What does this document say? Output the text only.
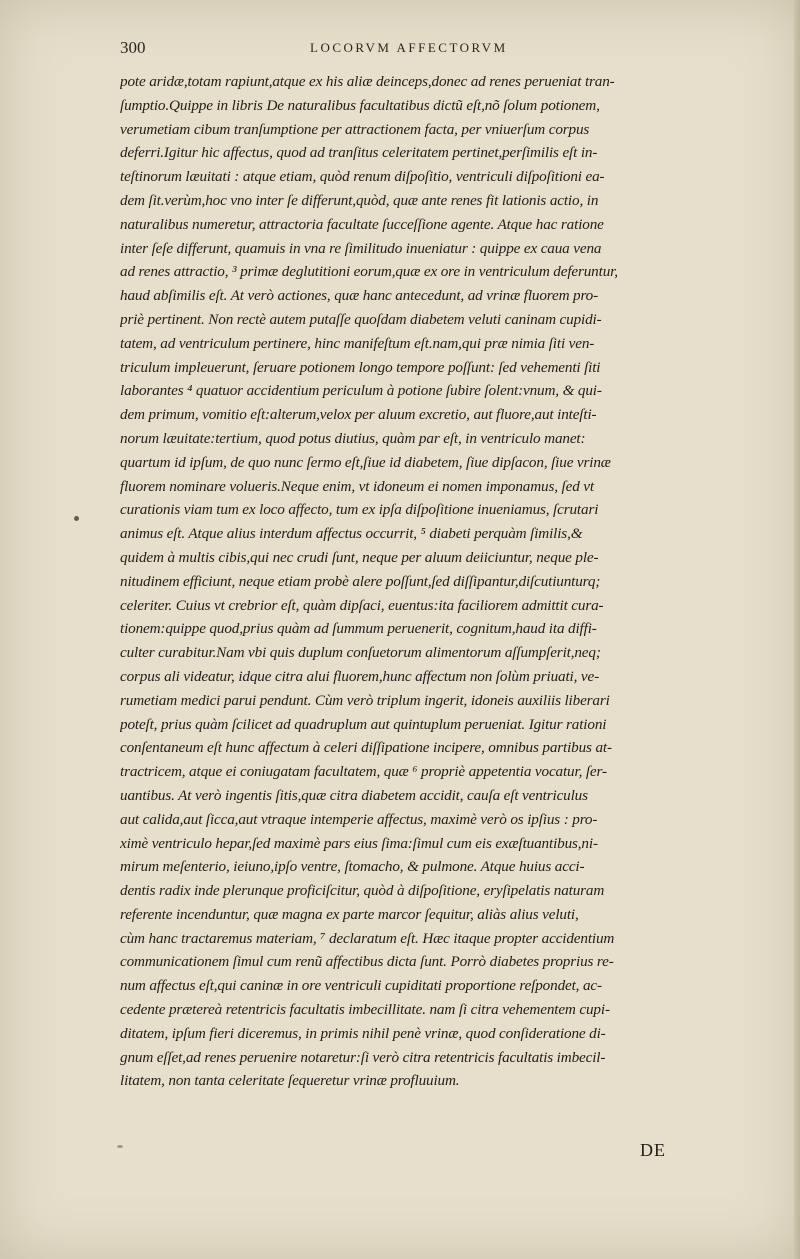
300	LOCORVM AFFECTORVM
pote aridæ,totam rapiunt,atque ex his aliæ deinceps,donec ad renes perueniat tran-
ſumptio.Quippe in libris De naturalibus facultatibus dictũ eſt,nõ ſolum potionem,
verumetiam cibum tranſumptione per attractionem facta, per vniuerſum corpus
deferri.Igitur hic affectus, quod ad tranſitus celeritatem pertinet,perſimilis eſt in-
teſtinorum læuitati : atque etiam, quòd renum diſpoſitio, ventriculi diſpoſitioni ea-
dem ſit.verùm,hoc vno inter ſe differunt,quòd, quæ ante renes fit lationis actio, in
naturalibus numeretur, attractoria facultate ſucceſſione agente. Atque hac ratione
inter ſeſe differunt, quamuis in vna re ſimilitudo inueniatur : quippe ex caua vena
ad renes attractio, ³ primæ deglutitioni eorum,quæ ex ore in ventriculum deferuntur,
haud abſimilis eſt. At verò actiones, quæ hanc antecedunt, ad vrinæ fluorem pro-
priè pertinent. Non rectè autem putaſſe quoſdam diabetem veluti caninam cupidi-
tatem, ad ventriculum pertinere, hinc manifeſtum eſt.nam,qui præ nimia ſiti ven-
triculum impleuerunt, ſeruare potionem longo tempore poſſunt: ſed vehementi ſiti
laborantes ⁴ quatuor accidentium periculum à potione ſubire ſolent:vnum, & qui-
dem primum, vomitio eſt:alterum,velox per aluum excretio, aut fluore,aut inteſti-
norum læuitate:tertium, quod potus diutius, quàm par eſt, in ventriculo manet:
quartum id ipſum, de quo nunc ſermo eſt,ſiue id diabetem, ſiue dipſacon, ſiue vrinæ
fluorem nominare volueris.Neque enim, vt idoneum ei nomen imponamus, ſed vt
curationis viam tum ex loco affecto, tum ex ipſa diſpoſitione inueniamus, ſcrutari
animus eſt. Atque alius interdum affectus occurrit, ⁵ diabeti perquàm ſimilis,&
quidem à multis cibis,qui nec crudi ſunt, neque per aluum deiiciuntur, neque ple-
nitudinem efficiunt, neque etiam probè alere poſſunt,ſed diſſipantur,diſcutiunturq;
celeriter. Cuius vt crebrior eſt, quàm dipſaci, euentus:ita faciliorem admittit cura-
tionem:quippe quod,prius quàm ad ſummum peruenerit, cognitum,haud ita diffi-
culter curabitur.Nam vbi quis duplum conſuetorum alimentorum aſſumpſerit,neq;
corpus ali videatur, idque citra alui fluorem,hunc affectum non ſolùm priuati, ve-
rumetiam medici parui pendunt. Cùm verò triplum ingerit, idoneis auxiliis liberari
poteſt, prius quàm ſcilicet ad quadruplum aut quintuplum perueniat. Igitur rationi
conſentaneum eſt hunc affectum à celeri diſſipatione incipere, omnibus partibus at-
tractricem, atque ei coniugatam facultatem, quæ ⁶ propriè appetentia vocatur, ſer-
uantibus. At verò ingentis ſitis,quæ citra diabetem accidit, cauſa eſt ventriculus
aut calida,aut ſicca,aut vtraque intemperie affectus, maximè verò os ipſius : pro-
ximè ventriculo hepar,ſed maximè pars eius ſima:ſimul cum eis exæſtuantibus,ni-
mirum meſenterio, ieiuno,ipſo ventre, ſtomacho, & pulmone. Atque huius acci-
dentis radix inde plerunque proficiſcitur, quòd à diſpoſitione, eryſipelatis naturam
referente incenduntur, quæ magna ex parte marcor ſequitur, aliàs alius veluti,
cùm hanc tractaremus materiam, ⁷ declaratum eſt. Hæc itaque propter accidentium
communicationem ſimul cum renũ affectibus dicta ſunt. Porrò diabetes proprius re-
num affectus eſt,qui caninæ in ore ventriculi cupiditati proportione reſpondet, ac-
cedente prætereà retentricis facultatis imbecillitate. nam ſi citra vehementem cupi-
ditatem, ipſum fieri diceremus, in primis nihil penè vrinæ, quod conſideratione di-
gnum eſſet,ad renes peruenire notaretur:ſi verò citra retentricis facultatis imbecil-
litatem, non tanta celeritate ſequeretur vrinæ profluuium.
DE
